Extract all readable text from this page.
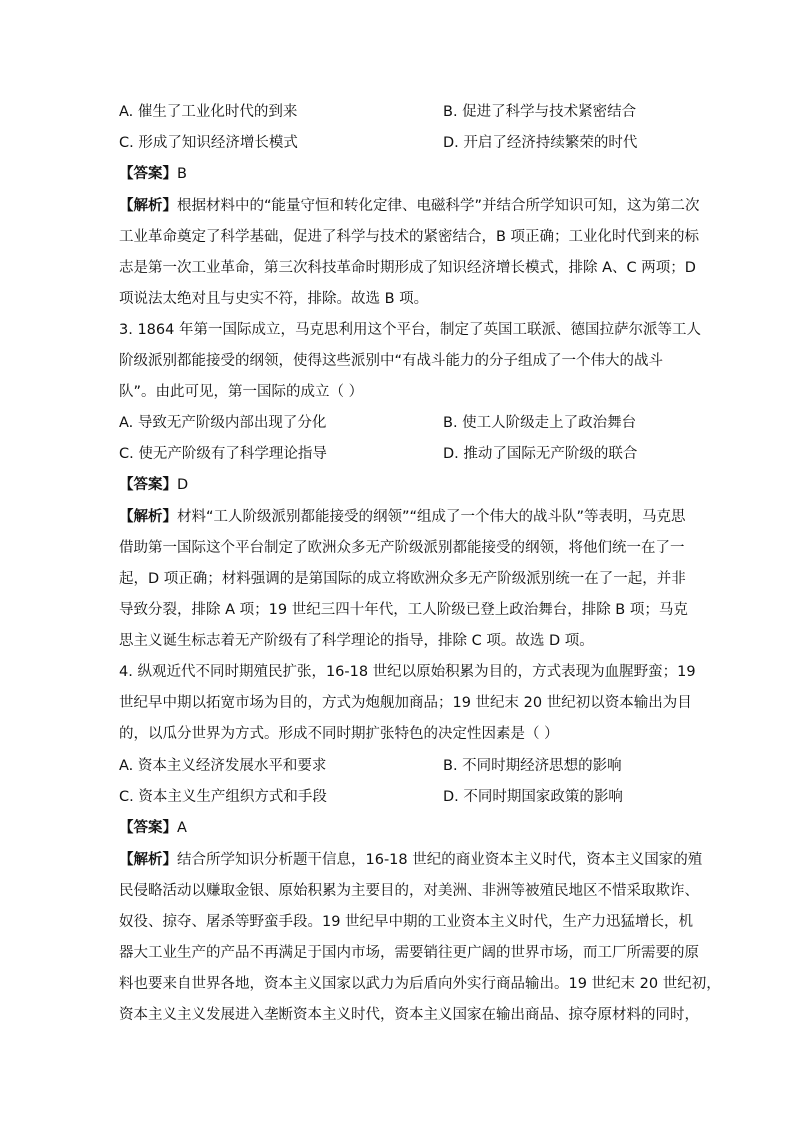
A. 催生了工业化时代的到来	B. 促进了科学与技术紧密结合
C. 形成了知识经济增长模式	D. 开启了经济持续繁荣的时代
【答案】B
【解析】根据材料中的“能量守恒和转化定律、电磁科学”并结合所学知识可知，这为第二次
工业革命奠定了科学基础，促进了科学与技术的紧密结合，B 项正确；工业化时代到来的标
志是第一次工业革命，第三次科技革命时期形成了知识经济增长模式，排除 A、C 两项；D
项说法太绝对且与史实不符，排除。故选 B 项。
3. 1864 年第一国际成立，马克思利用这个平台，制定了英国工联派、德国拉萨尔派等工人
阶级派别都能接受的纲领，使得这些派别中“有战斗能力的分子组成了一个伟大的战斗
队”。由此可见，第一国际的成立（ ）
A. 导致无产阶级内部出现了分化	B. 使工人阶级走上了政治舞台
C. 使无产阶级有了科学理论指导	D. 推动了国际无产阶级的联合
【答案】D
【解析】材料“工人阶级派别都能接受的纲领”“组成了一个伟大的战斗队”等表明，马克思
借助第一国际这个平台制定了欧洲众多无产阶级派别都能接受的纲领，将他们统一在了一
起，D 项正确；材料强调的是第国际的成立将欧洲众多无产阶级派别统一在了一起，并非
导致分裂，排除 A 项；19 世纪三四十年代，工人阶级已登上政治舞台，排除 B 项；马克
思主义诞生标志着无产阶级有了科学理论的指导，排除 C 项。故选 D 项。
4. 纵观近代不同时期殖民扩张，16-18 世纪以原始积累为目的，方式表现为血腥野蛮；19
世纪早中期以拓宽市场为目的，方式为炮舰加商品；19 世纪末 20 世纪初以资本输出为目
的，以瓜分世界为方式。形成不同时期扩张特色的决定性因素是（ ）
A. 资本主义经济发展水平和要求	B. 不同时期经济思想的影响
C. 资本主义生产组织方式和手段	D. 不同时期国家政策的影响
【答案】A
【解析】结合所学知识分析题干信息，16-18 世纪的商业资本主义时代，资本主义国家的殖
民侵略活动以赚取金银、原始积累为主要目的，对美洲、非洲等被殖民地区不惜采取欺诈、
奴役、掠夺、屠杀等野蛮手段。19 世纪早中期的工业资本主义时代，生产力迅猛增长，机
器大工业生产的产品不再满足于国内市场，需要销往更广阔的世界市场，而工厂所需要的原
料也要来自世界各地，资本主义国家以武力为后盾向外实行商品输出。19 世纪末 20 世纪初，
资本主义主义发展进入垄断资本主义时代，资本主义国家在输出商品、掠夺原材料的同时，
